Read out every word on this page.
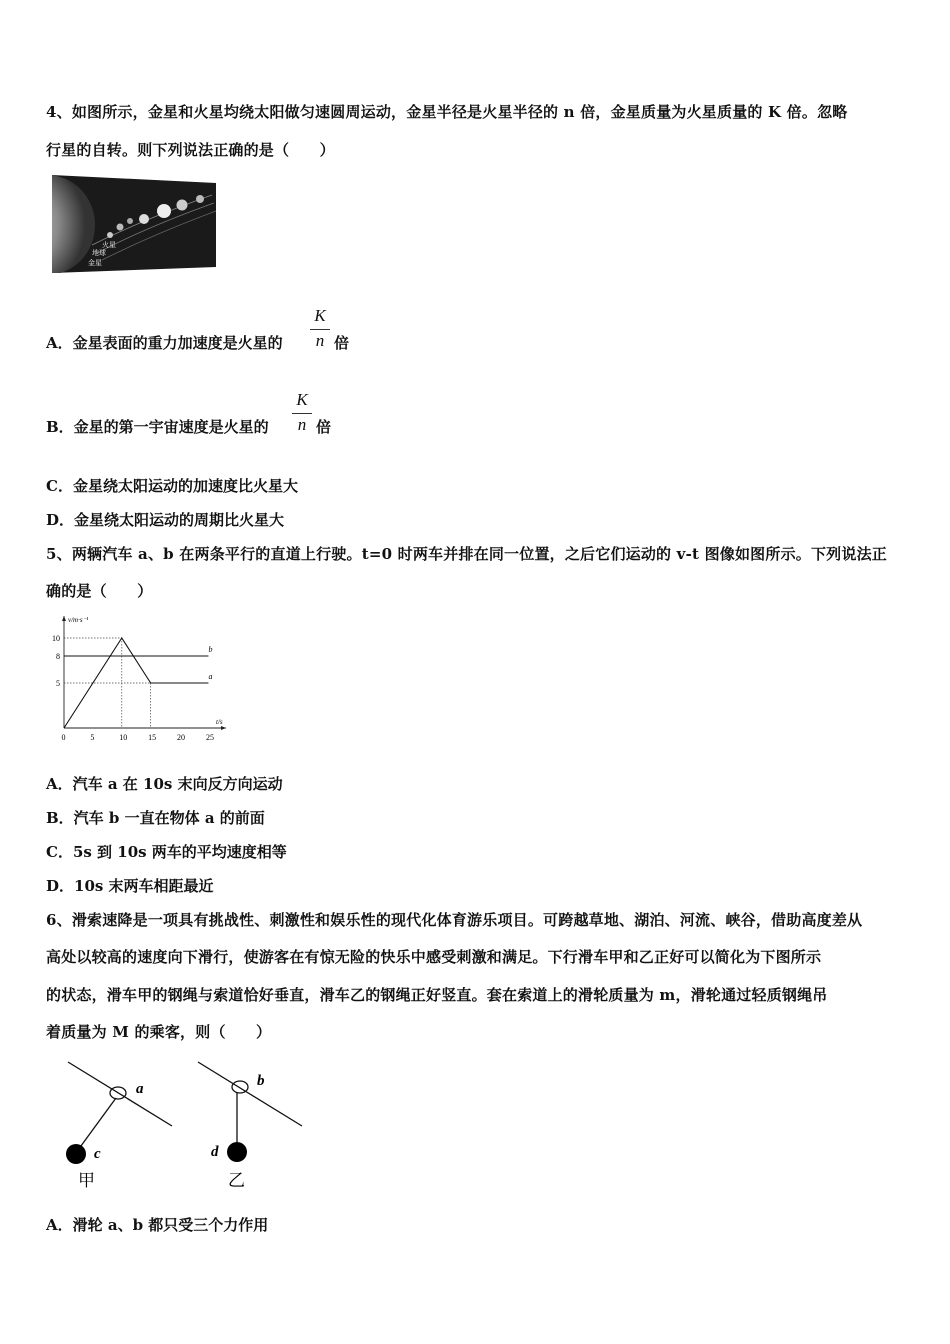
4、如图所示，金星和火星均绕太阳做匀速圆周运动，金星半径是火星半径的 n 倍，金星质量为火星质量的 K 倍。忽略
行星的自转。则下列说法正确的是（　　）
火星
地球
金星
A．金星表面的重力加速度是火星的
K
n 倍
B．金星的第一宇宙速度是火星的
K
n 倍
C．金星绕太阳运动的加速度比火星大
D．金星绕太阳运动的周期比火星大
5、两辆汽车 a、b 在两条平行的直道上行驶。t=0 时两车并排在同一位置，之后它们运动的 v-t 图像如图所示。下列说法正
确的是（　　）
v/m·s⁻¹
t/s
0	5	10	15	20	25
5
8
10
a
b
A．汽车 a 在 10s 末向反方向运动
B．汽车 b 一直在物体 a 的前面
C．5s 到 10s 两车的平均速度相等
D．10s 末两车相距最近
6、滑索速降是一项具有挑战性、刺激性和娱乐性的现代化体育游乐项目。可跨越草地、湖泊、河流、峡谷，借助高度差从
高处以较高的速度向下滑行，使游客在有惊无险的快乐中感受刺激和满足。下行滑车甲和乙正好可以简化为下图所示
的状态，滑车甲的钢绳与索道恰好垂直，滑车乙的钢绳正好竖直。套在索道上的滑轮质量为 m，滑轮通过轻质钢绳吊
着质量为 M 的乘客，则（　　）
a
c
甲
b
d
乙
A．滑轮 a、b 都只受三个力作用
